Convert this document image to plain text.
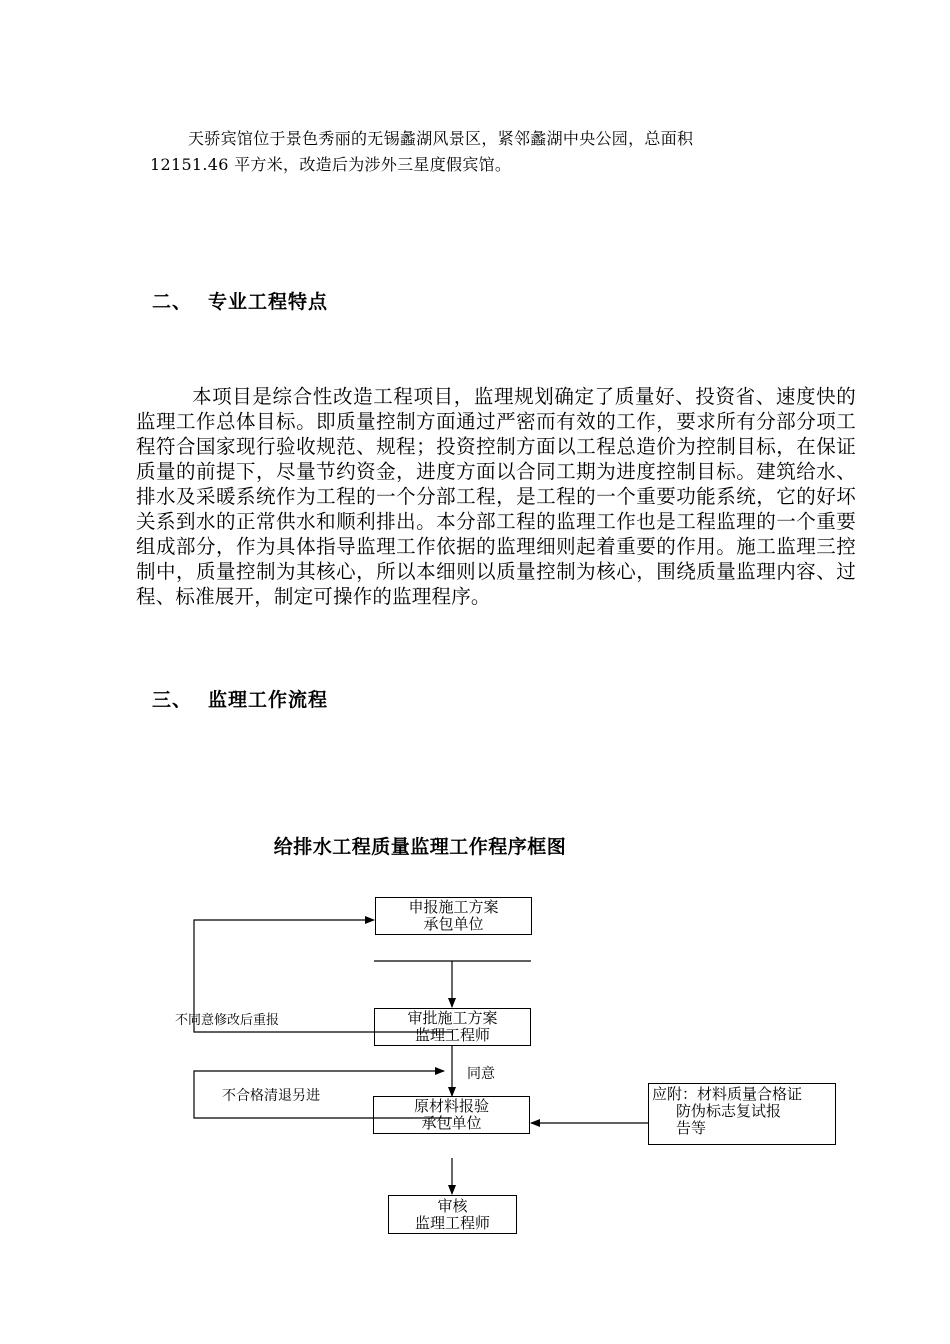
天骄宾馆位于景色秀丽的无锡蠡湖风景区，紧邻蠡湖中央公园，总面积
12151.46 平方米，改造后为涉外三星度假宾馆。
二、 专业工程特点
本项目是综合性改造工程项目，监理规划确定了质量好、投资省、速度快的监理工作总体目标。即质量控制方面通过严密而有效的工作，要求所有分部分项工程符合国家现行验收规范、规程；投资控制方面以工程总造价为控制目标，在保证质量的前提下，尽量节约资金，进度方面以合同工期为进度控制目标。建筑给水、排水及采暖系统作为工程的一个分部工程，是工程的一个重要功能系统，它的好坏关系到水的正常供水和顺利排出。本分部工程的监理工作也是工程监理的一个重要组成部分，作为具体指导监理工作依据的监理细则起着重要的作用。施工监理三控制中，质量控制为其核心，所以本细则以质量控制为核心，围绕质量监理内容、过程、标准展开，制定可操作的监理程序。
三、 监理工作流程
给排水工程质量监理工作程序框图
申报施工方案
承包单位
审批施工方案
监理工程师
原材料报验
承包单位
审核
监理工程师
应附：材料质量合格证
防伪标志复试报
告等
不同意修改后重报
同意
不合格清退另进
